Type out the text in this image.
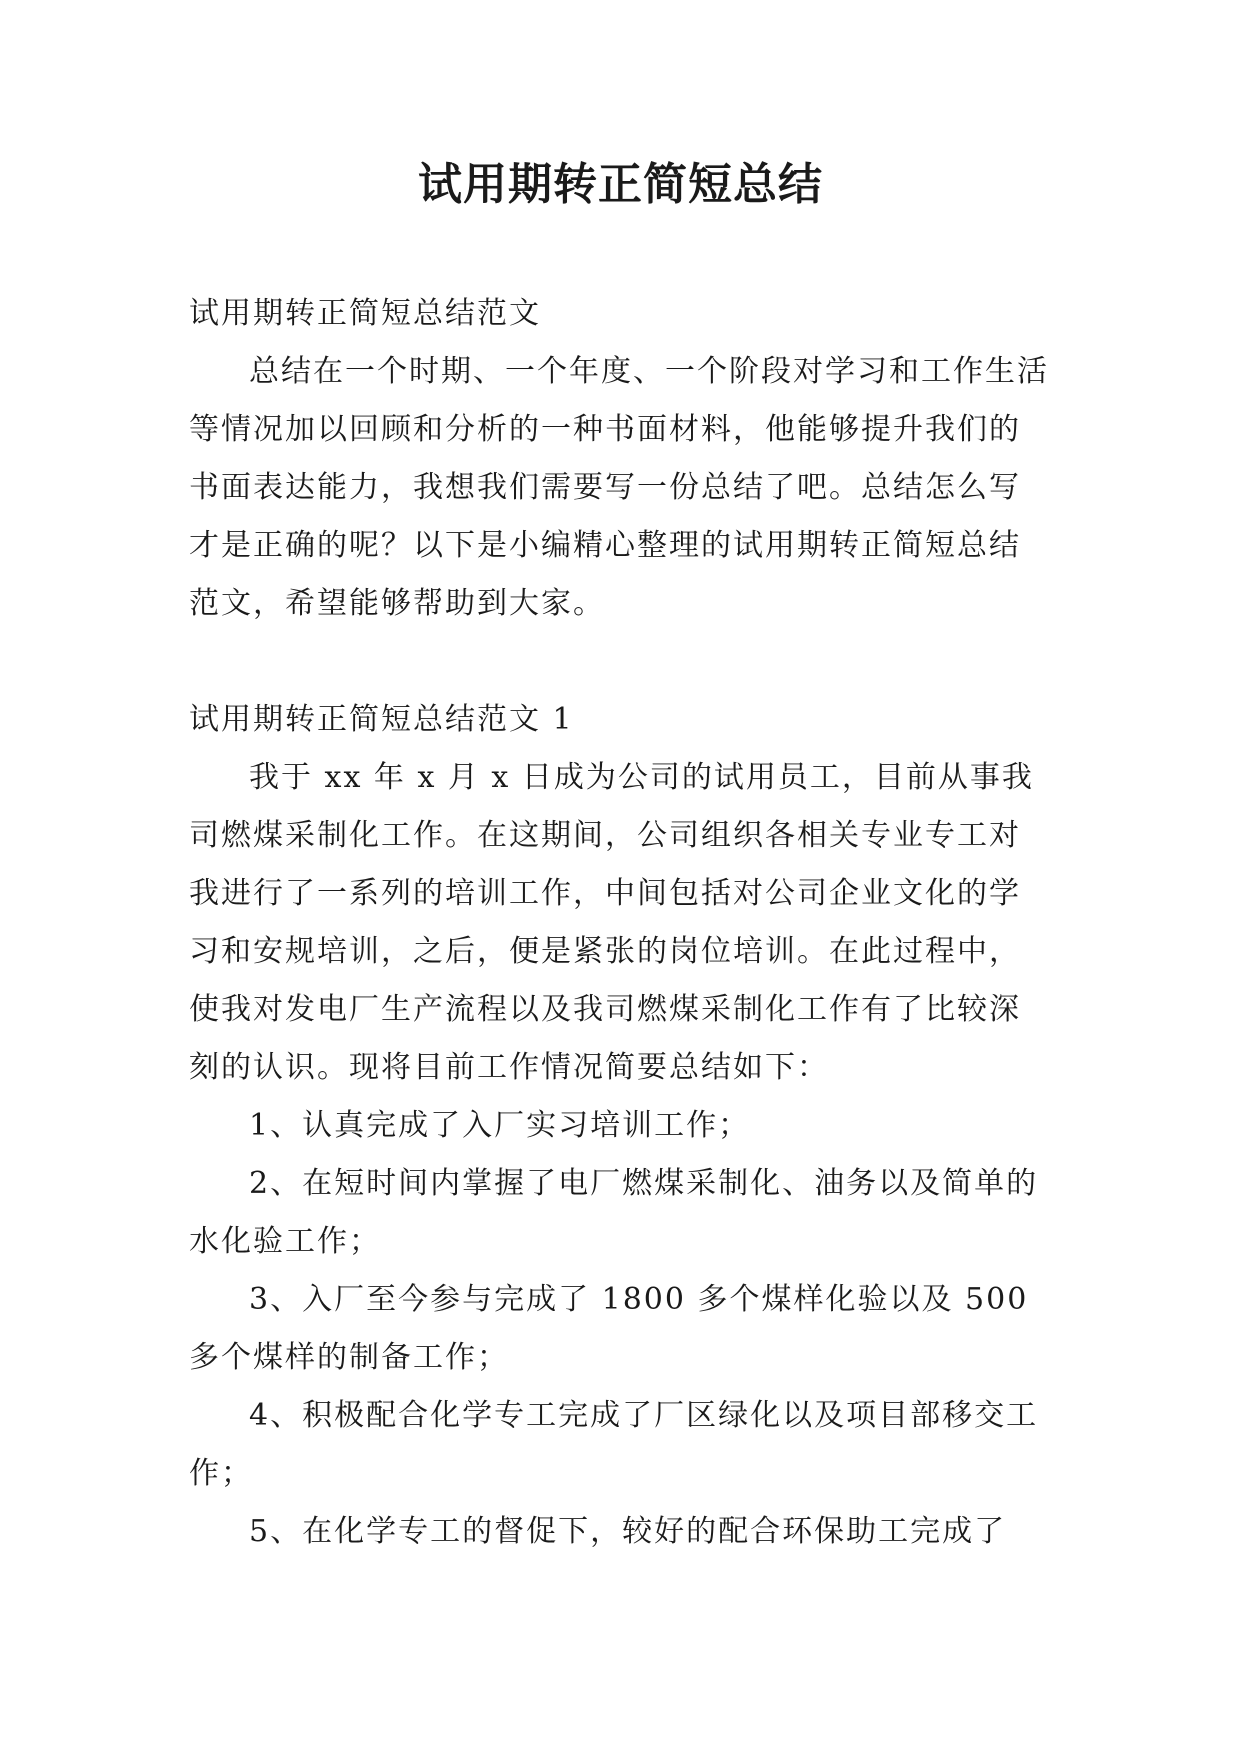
试用期转正简短总结

试用期转正简短总结范文

总结在一个时期、一个年度、一个阶段对学习和工作生活等情况加以回顾和分析的一种书面材料，他能够提升我们的书面表达能力，我想我们需要写一份总结了吧。总结怎么写才是正确的呢？以下是小编精心整理的试用期转正简短总结范文，希望能够帮助到大家。

试用期转正简短总结范文 1

我于 xx 年 x 月 x 日成为公司的试用员工，目前从事我司燃煤采制化工作。在这期间，公司组织各相关专业专工对我进行了一系列的培训工作，中间包括对公司企业文化的学习和安规培训，之后，便是紧张的岗位培训。在此过程中，使我对发电厂生产流程以及我司燃煤采制化工作有了比较深刻的认识。现将目前工作情况简要总结如下：

1、认真完成了入厂实习培训工作；

2、在短时间内掌握了电厂燃煤采制化、油务以及简单的水化验工作；

3、入厂至今参与完成了 1800 多个煤样化验以及 500 多个煤样的制备工作；

4、积极配合化学专工完成了厂区绿化以及项目部移交工作；

5、在化学专工的督促下，较好的配合环保助工完成了
